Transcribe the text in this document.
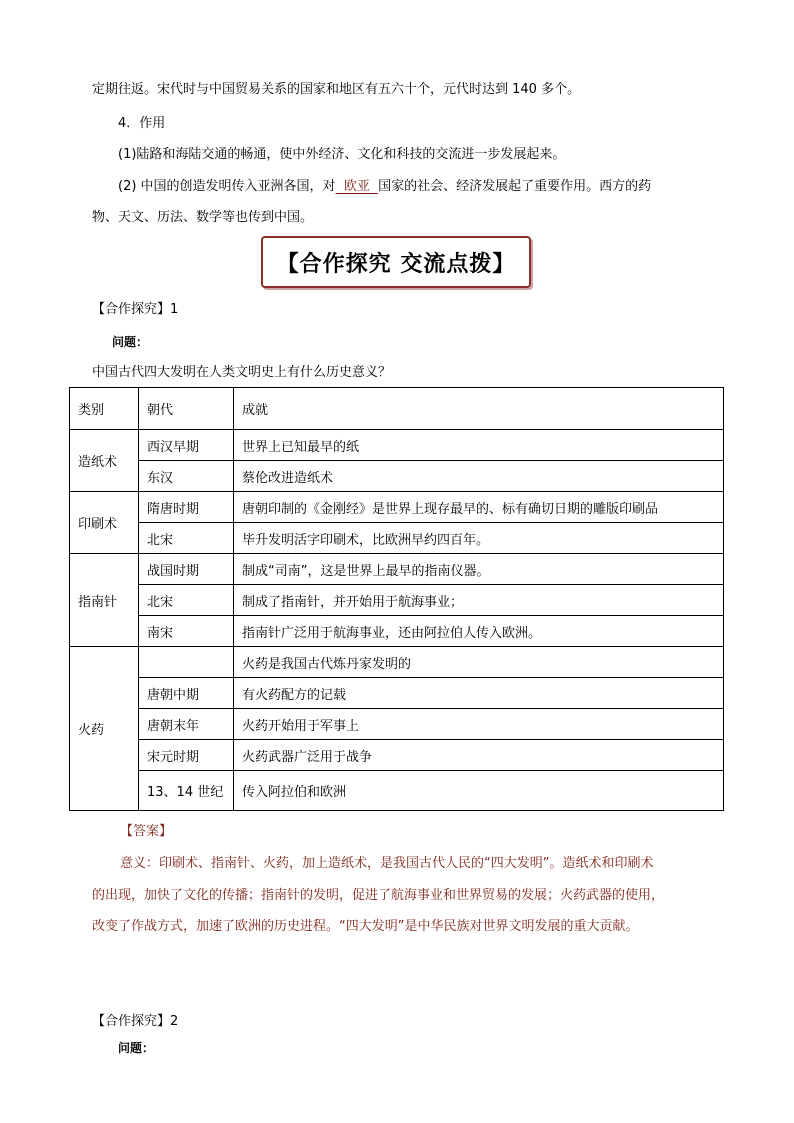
定期往返。宋代时与中国贸易关系的国家和地区有五六十个，元代时达到 140 多个。
4．作用
(1)陆路和海陆交通的畅通，使中外经济、文化和科技的交流进一步发展起来。
(2) 中国的创造发明传入亚洲各国，对  欧亚  国家的社会、经济发展起了重要作用。西方的药
物、天文、历法、数学等也传到中国。
【合作探究 交流点拨】
【合作探究】1
问题：
中国古代四大发明在人类文明史上有什么历史意义？
类别	朝代	成就
造纸术	西汉早期	世界上已知最早的纸
	东汉	蔡伦改进造纸术
印刷术	隋唐时期	唐朝印制的《金刚经》是世界上现存最早的、标有确切日期的雕版印刷品
	北宋	毕升发明活字印刷术，比欧洲早约四百年。
指南针	战国时期	制成“司南”，这是世界上最早的指南仪器。
	北宋	制成了指南针，并开始用于航海事业；
	南宋	指南针广泛用于航海事业，还由阿拉伯人传入欧洲。
火药		火药是我国古代炼丹家发明的
	唐朝中期	有火药配方的记载
	唐朝末年	火药开始用于军事上
	宋元时期	火药武器广泛用于战争
	13、14 世纪	传入阿拉伯和欧洲
【答案】
意义：印刷术、指南针、火药，加上造纸术，是我国古代人民的“四大发明”。造纸术和印刷术
的出现，加快了文化的传播；指南针的发明，促进了航海事业和世界贸易的发展；火药武器的使用，
改变了作战方式，加速了欧洲的历史进程。“四大发明”是中华民族对世界文明发展的重大贡献。
【合作探究】2
问题：
